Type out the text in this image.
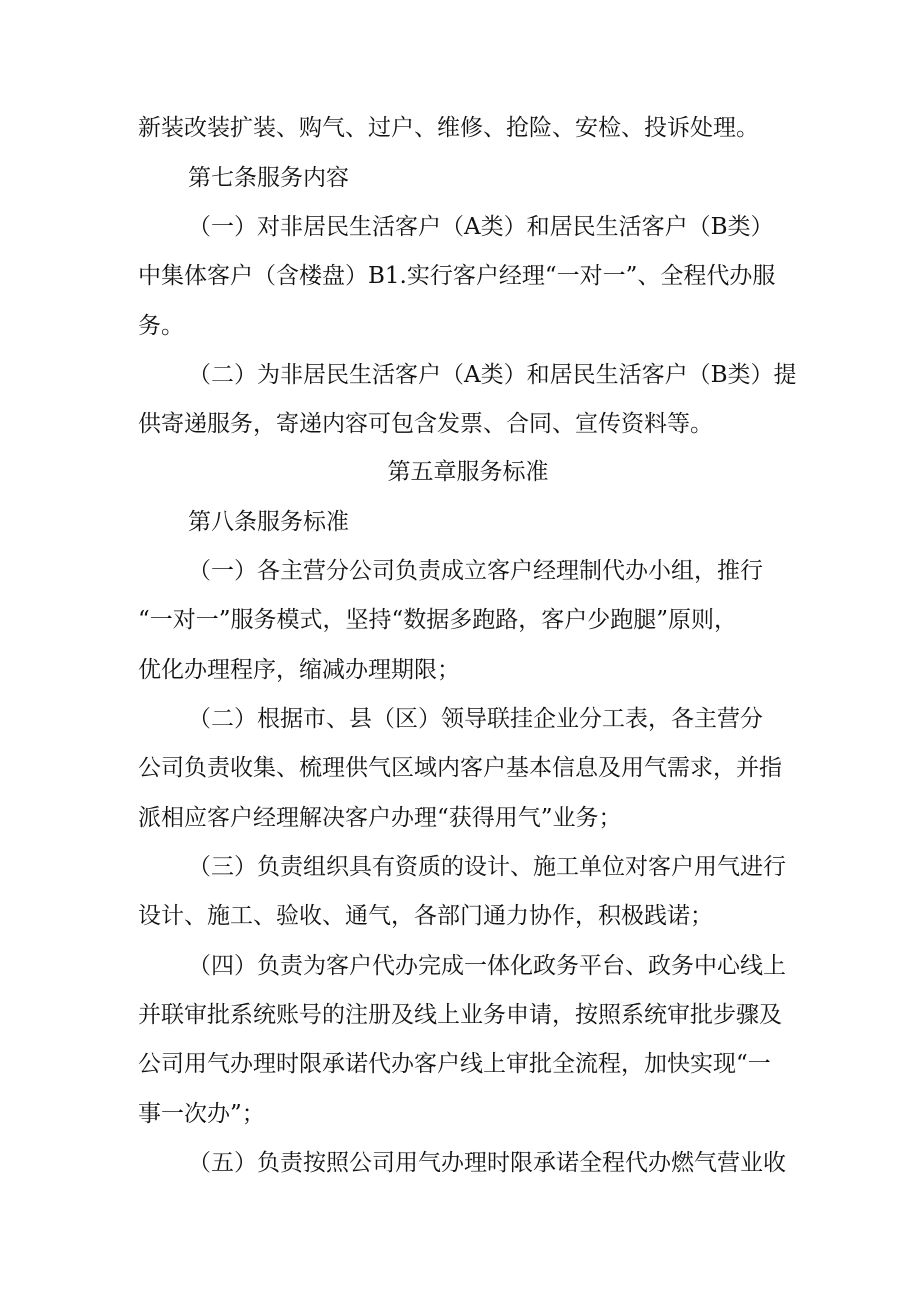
新装改装扩装、购气、过户、维修、抢险、安检、投诉处理。
第七条服务内容
（一）对非居民生活客户（A类）和居民生活客户（B类）
中集体客户（含楼盘）B1.实行客户经理“一对一”、全程代办服
务。
（二）为非居民生活客户（A类）和居民生活客户（B类）提
供寄递服务，寄递内容可包含发票、合同、宣传资料等。
第五章服务标准
第八条服务标准
（一）各主营分公司负责成立客户经理制代办小组，推行
“一对一”服务模式，坚持“数据多跑路，客户少跑腿”原则，
优化办理程序，缩减办理期限；
（二）根据市、县（区）领导联挂企业分工表，各主营分
公司负责收集、梳理供气区域内客户基本信息及用气需求，并指
派相应客户经理解决客户办理“获得用气”业务；
（三）负责组织具有资质的设计、施工单位对客户用气进行
设计、施工、验收、通气，各部门通力协作，积极践诺；
（四）负责为客户代办完成一体化政务平台、政务中心线上
并联审批系统账号的注册及线上业务申请，按照系统审批步骤及
公司用气办理时限承诺代办客户线上审批全流程，加快实现“一
事一次办”；
（五）负责按照公司用气办理时限承诺全程代办燃气营业收
